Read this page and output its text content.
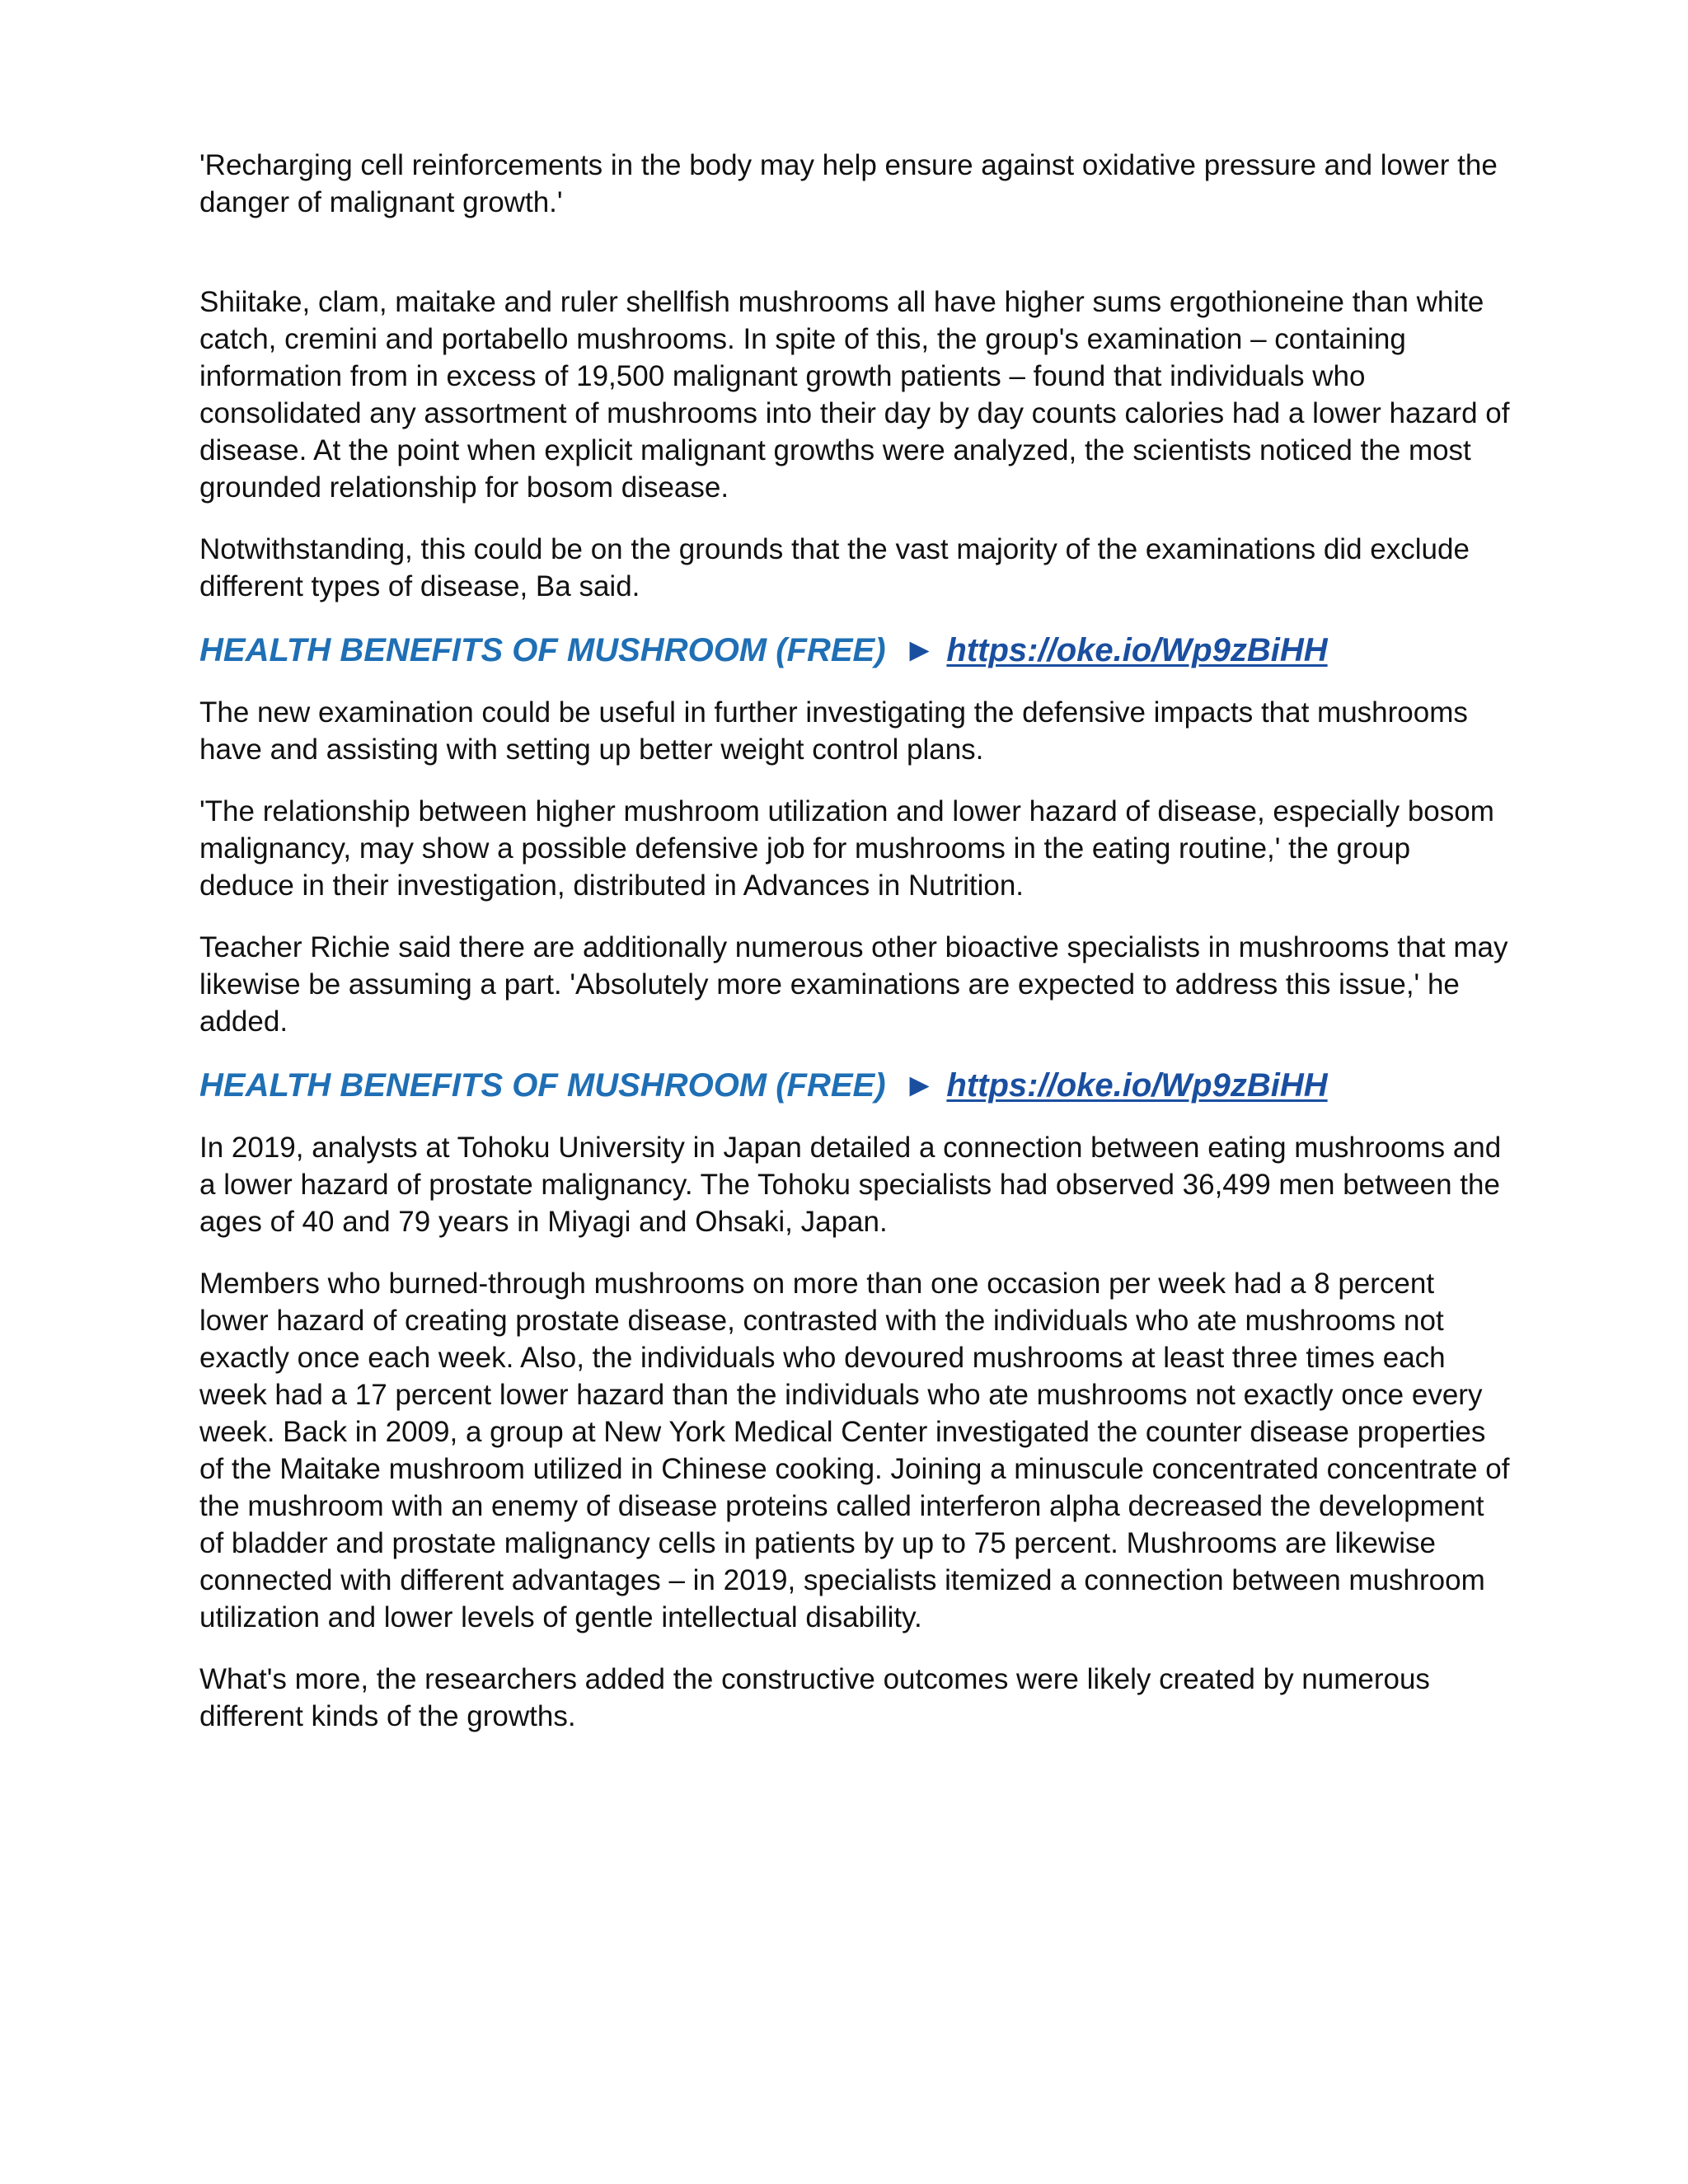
'Recharging cell reinforcements in the body may help ensure against oxidative pressure and lower the danger of malignant growth.'

Shiitake, clam, maitake and ruler shellfish mushrooms all have higher sums ergothioneine than white catch, cremini and portabello mushrooms. In spite of this, the group's examination – containing information from in excess of 19,500 malignant growth patients – found that individuals who consolidated any assortment of mushrooms into their day by day counts calories had a lower hazard of disease. At the point when explicit malignant growths were analyzed, the scientists noticed the most grounded relationship for bosom disease.

Notwithstanding, this could be on the grounds that the vast majority of the examinations did exclude different types of disease, Ba said.

HEALTH BENEFITS OF MUSHROOM (FREE) ► https://oke.io/Wp9zBiHH

The new examination could be useful in further investigating the defensive impacts that mushrooms have and assisting with setting up better weight control plans.

'The relationship between higher mushroom utilization and lower hazard of disease, especially bosom malignancy, may show a possible defensive job for mushrooms in the eating routine,' the group deduce in their investigation, distributed in Advances in Nutrition.

Teacher Richie said there are additionally numerous other bioactive specialists in mushrooms that may likewise be assuming a part. 'Absolutely more examinations are expected to address this issue,' he added.

HEALTH BENEFITS OF MUSHROOM (FREE) ► https://oke.io/Wp9zBiHH

In 2019, analysts at Tohoku University in Japan detailed a connection between eating mushrooms and a lower hazard of prostate malignancy. The Tohoku specialists had observed 36,499 men between the ages of 40 and 79 years in Miyagi and Ohsaki, Japan.

Members who burned-through mushrooms on more than one occasion per week had a 8 percent lower hazard of creating prostate disease, contrasted with the individuals who ate mushrooms not exactly once each week. Also, the individuals who devoured mushrooms at least three times each week had a 17 percent lower hazard than the individuals who ate mushrooms not exactly once every week. Back in 2009, a group at New York Medical Center investigated the counter disease properties of the Maitake mushroom utilized in Chinese cooking. Joining a minuscule concentrated concentrate of the mushroom with an enemy of disease proteins called interferon alpha decreased the development of bladder and prostate malignancy cells in patients by up to 75 percent. Mushrooms are likewise connected with different advantages – in 2019, specialists itemized a connection between mushroom utilization and lower levels of gentle intellectual disability.

What's more, the researchers added the constructive outcomes were likely created by numerous different kinds of the growths.
